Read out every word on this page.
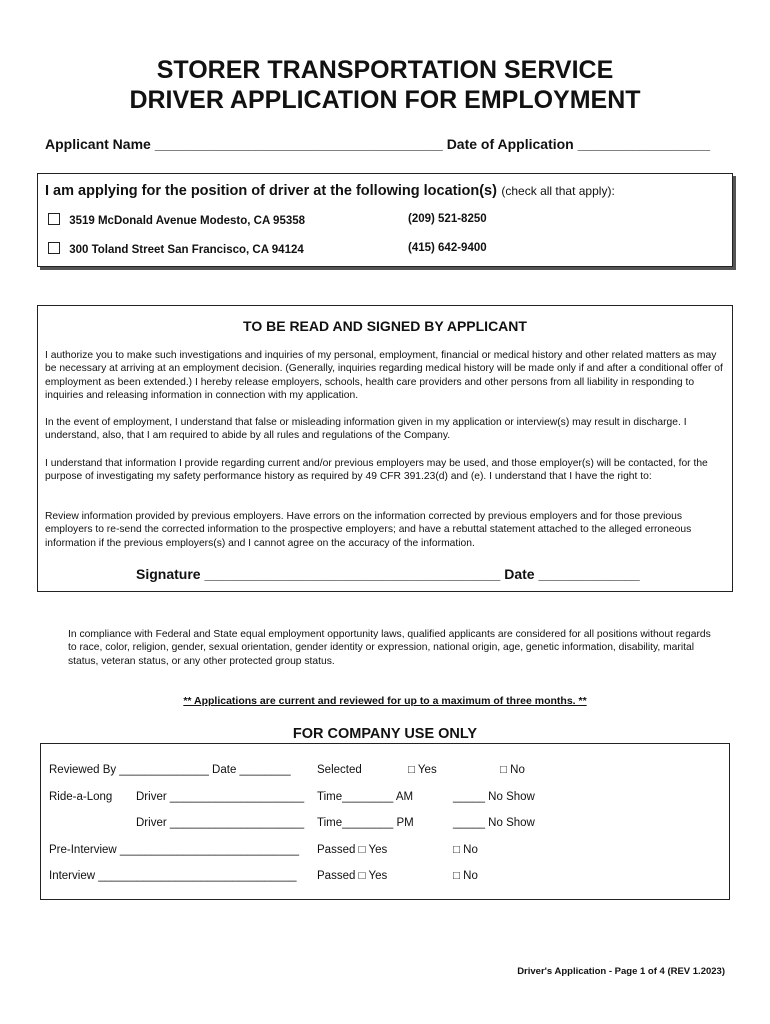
STORER TRANSPORTATION SERVICE
DRIVER APPLICATION FOR EMPLOYMENT
Applicant Name _____________________________________ Date of Application _________________
I am applying for the position of driver at the following location(s) (check all that apply):
3519 McDonald Avenue Modesto, CA 95358	(209) 521-8250
300 Toland Street San Francisco, CA 94124	(415) 642-9400
TO BE READ AND SIGNED BY APPLICANT
I authorize you to make such investigations and inquiries of my personal, employment, financial or medical history and other related matters as may be necessary at arriving at an employment decision. (Generally, inquiries regarding medical history will be made only if and after a conditional offer of employment as been extended.) I hereby release employers, schools, health care providers and other persons from all liability in responding to inquiries and releasing information in connection with my application.
In the event of employment, I understand that false or misleading information given in my application or interview(s) may result in discharge. I understand, also, that I am required to abide by all rules and regulations of the Company.
I understand that information I provide regarding current and/or previous employers may be used, and those employer(s) will be contacted, for the purpose of investigating my safety performance history as required by 49 CFR 391.23(d) and (e). I understand that I have the right to:
Review information provided by previous employers. Have errors on the information corrected by previous employers and for those previous employers to re-send the corrected information to the prospective employers; and have a rebuttal statement attached to the alleged erroneous information if the previous employers(s) and I cannot agree on the accuracy of the information.
Signature ______________________________________ Date _____________
In compliance with Federal and State equal employment opportunity laws, qualified applicants are considered for all positions without regards to race, color, religion, gender, sexual orientation, gender identity or expression, national origin, age, genetic information, disability, marital status, veteran status, or any other protected group status.
** Applications are current and reviewed for up to a maximum of three months. **
FOR COMPANY USE ONLY
Reviewed By ______________ Date ________ Selected	□ Yes	□ No
Ride-a-Long Driver _____________________ Time________ AM	_____ No Show
Driver _____________________ Time________ PM	_____ No Show
Pre-Interview ____________________________ Passed □ Yes	□ No
Interview _______________________________ Passed □ Yes	□ No
Driver's Application - Page 1 of 4 (REV 1.2023)
